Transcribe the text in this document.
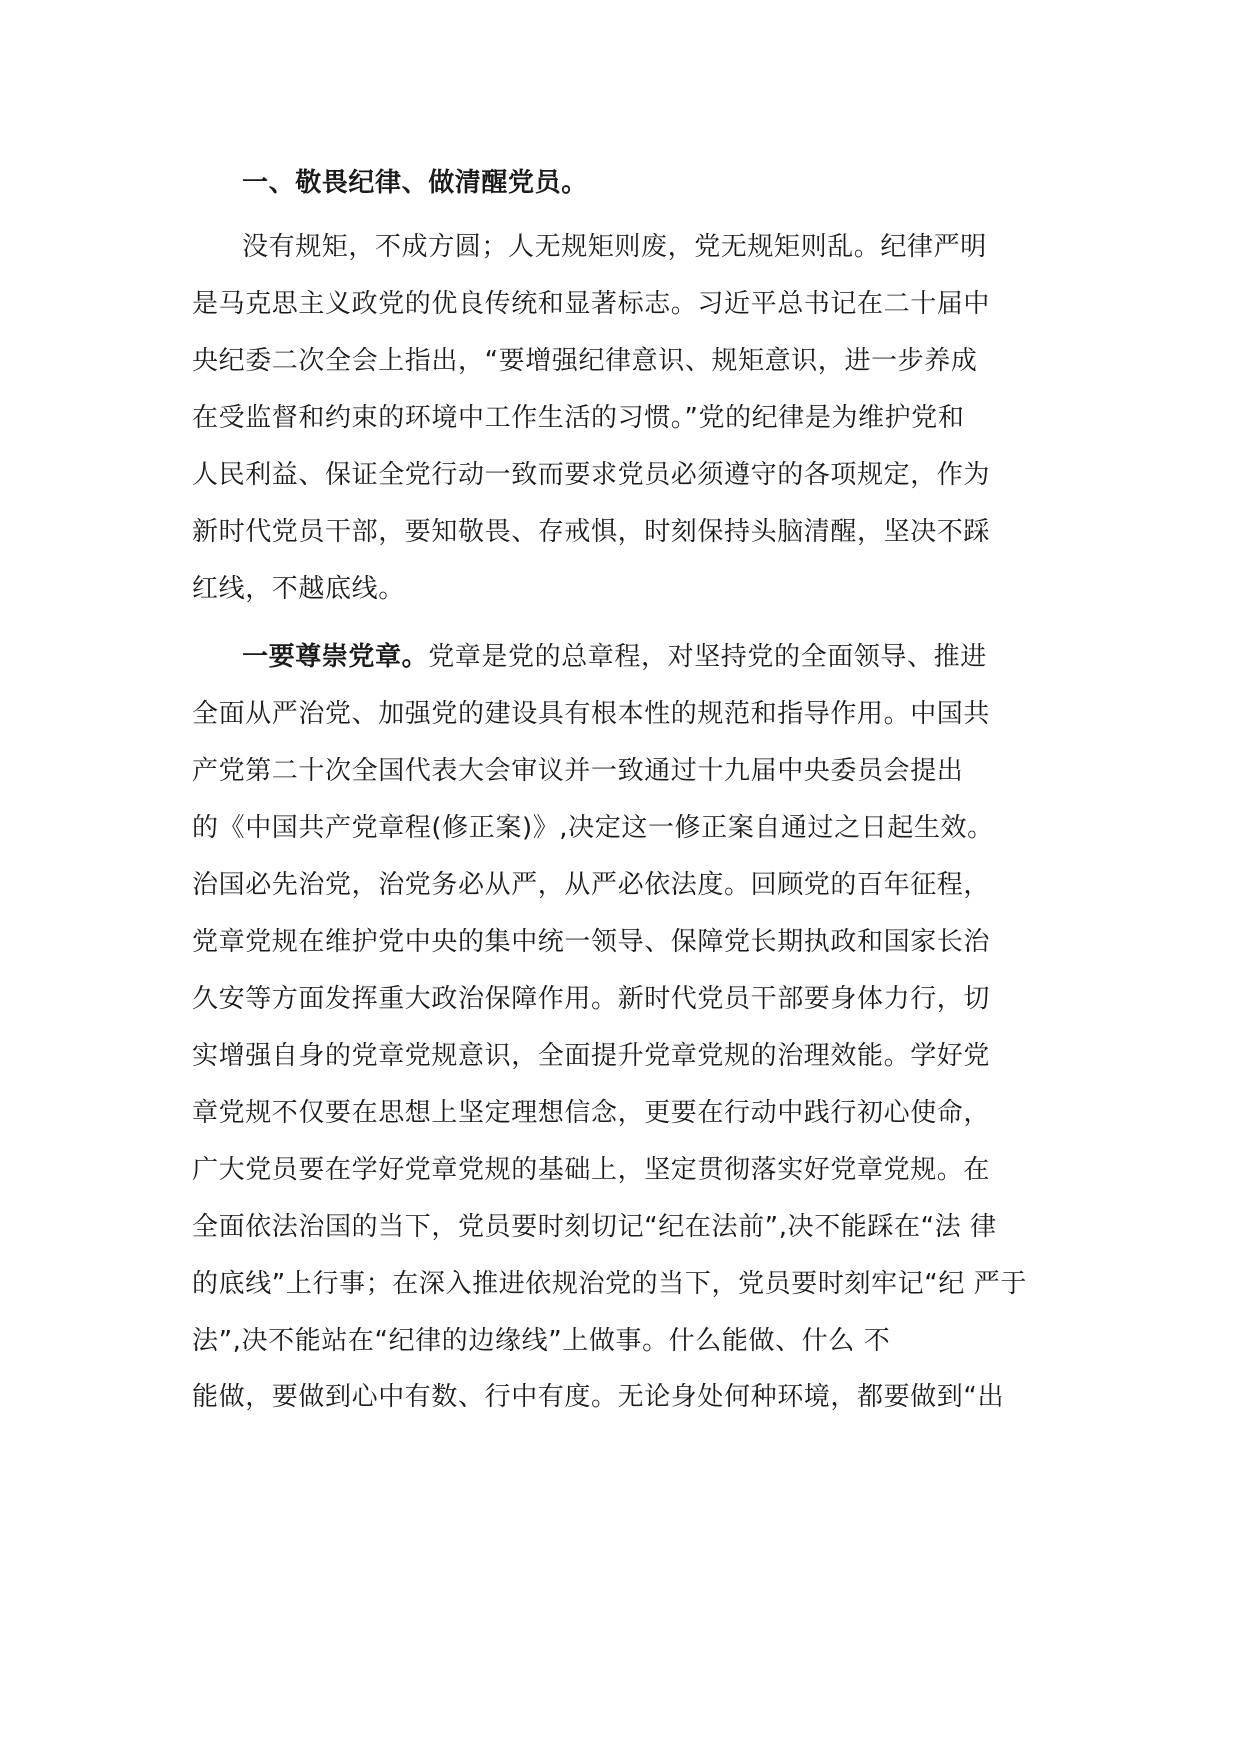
一、敬畏纪律、做清醒党员。
没有规矩，不成方圆；人无规矩则废，党无规矩则乱。纪律严明
是马克思主义政党的优良传统和显著标志。习近平总书记在二十届中
央纪委二次全会上指出，“要增强纪律意识、规矩意识，进一步养成
在受监督和约束的环境中工作生活的习惯。”党的纪律是为维护党和
人民利益、保证全党行动一致而要求党员必须遵守的各项规定，作为
新时代党员干部，要知敬畏、存戒惧，时刻保持头脑清醒，坚决不踩
红线，不越底线。
一要尊崇党章。党章是党的总章程，对坚持党的全面领导、推进
全面从严治党、加强党的建设具有根本性的规范和指导作用。中国共
产党第二十次全国代表大会审议并一致通过十九届中央委员会提出
的《中国共产党章程(修正案)》,决定这一修正案自通过之日起生效。
治国必先治党，治党务必从严，从严必依法度。回顾党的百年征程，
党章党规在维护党中央的集中统一领导、保障党长期执政和国家长治
久安等方面发挥重大政治保障作用。新时代党员干部要身体力行，切
实增强自身的党章党规意识，全面提升党章党规的治理效能。学好党
章党规不仅要在思想上坚定理想信念，更要在行动中践行初心使命，
广大党员要在学好党章党规的基础上，坚定贯彻落实好党章党规。在
全面依法治国的当下，党员要时刻切记“纪在法前”,决不能踩在“法 律
的底线”上行事；在深入推进依规治党的当下，党员要时刻牢记“纪 严于
法”,决不能站在“纪律的边缘线”上做事。什么能做、什么 不
能做，要做到心中有数、行中有度。无论身处何种环境，都要做到“出
